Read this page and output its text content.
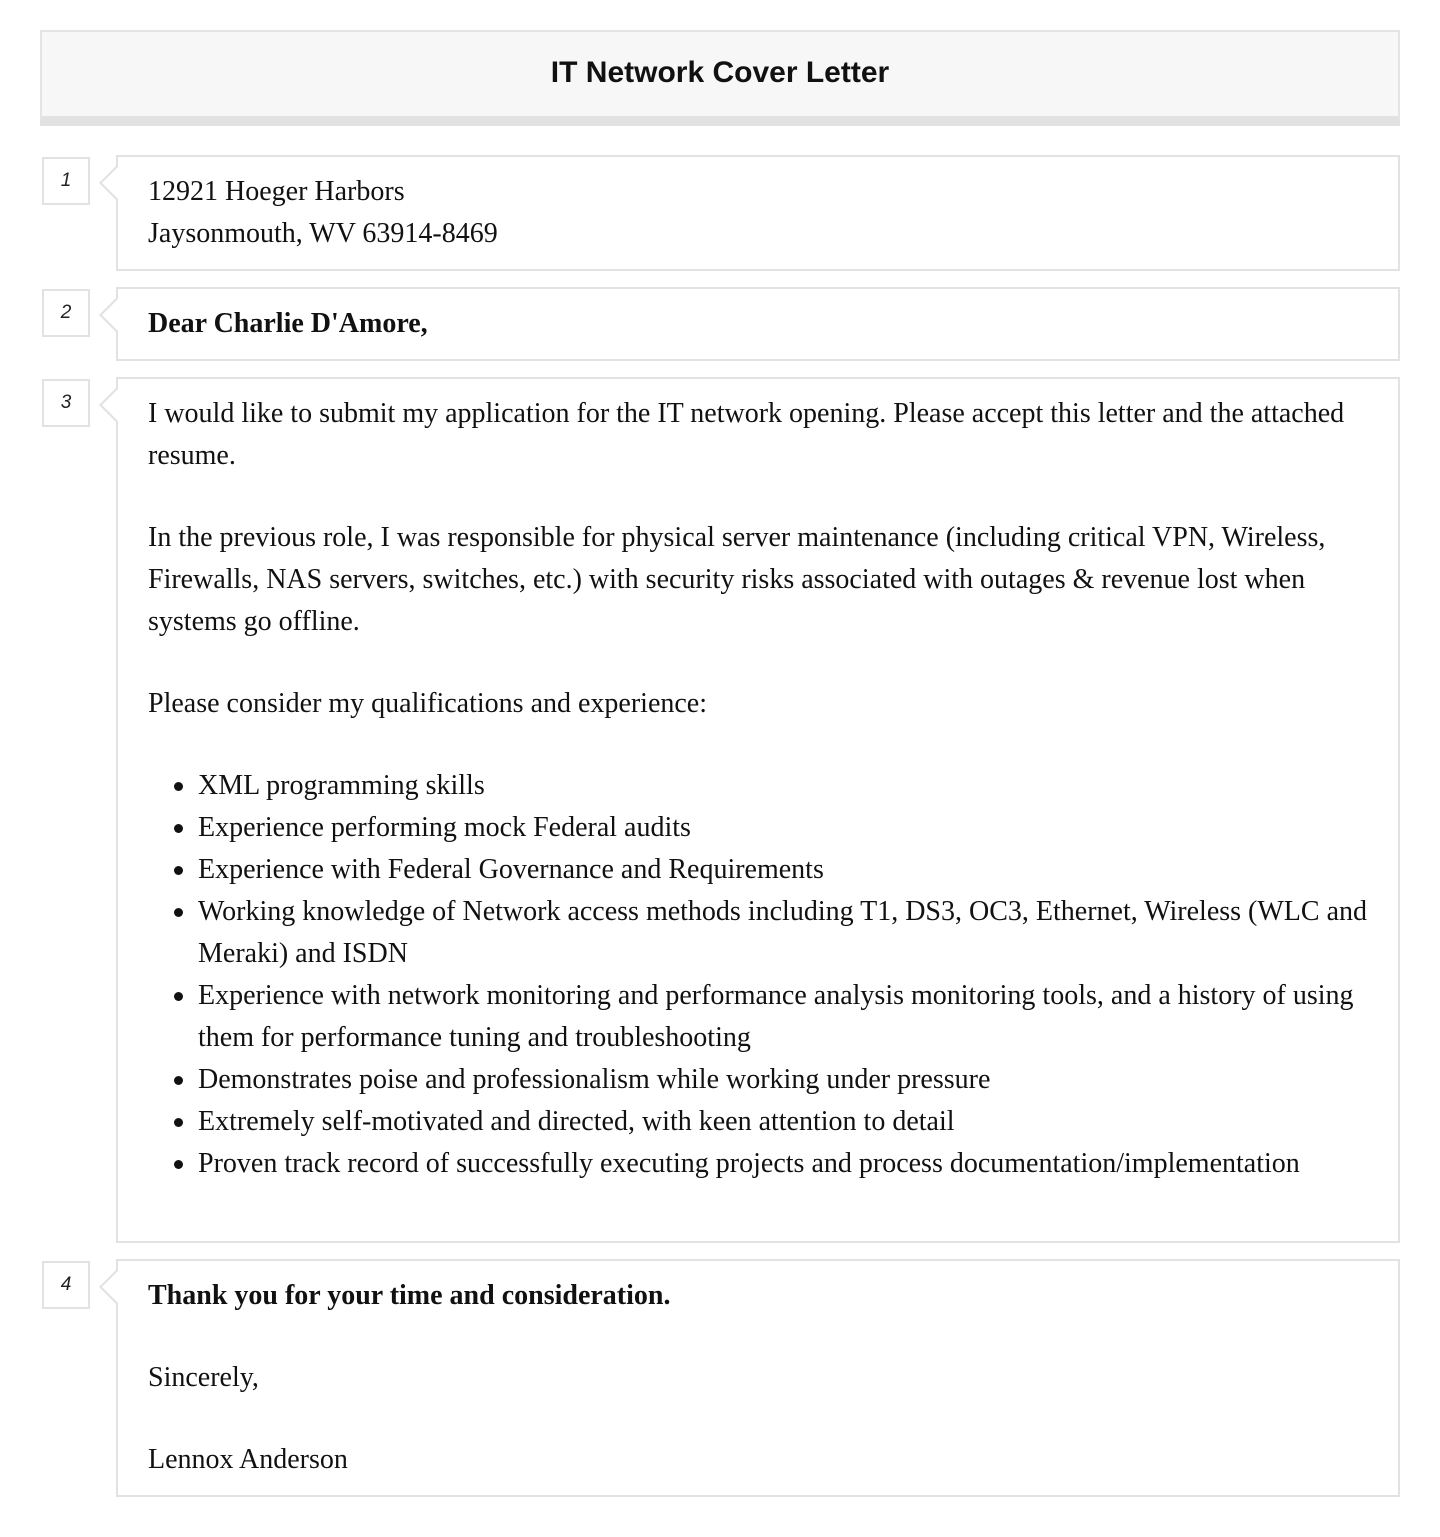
IT Network Cover Letter
1	12921 Hoeger Harbors

Jaysonmouth, WV 63914-8469

2	Dear Charlie D'Amore,

3	I would like to submit my application for the IT network opening. Please accept this letter and the attached resume.

In the previous role, I was responsible for physical server maintenance (including critical VPN, Wireless, Firewalls, NAS servers, switches, etc.) with security risks associated with outages & revenue lost when systems go offline.

Please consider my qualifications and experience:

XML programming skills
Experience performing mock Federal audits
Experience with Federal Governance and Requirements
Working knowledge of Network access methods including T1, DS3, OC3, Ethernet, Wireless (WLC and Meraki) and ISDN
Experience with network monitoring and performance analysis monitoring tools, and a history of using them for performance tuning and troubleshooting
Demonstrates poise and professionalism while working under pressure
Extremely self-motivated and directed, with keen attention to detail
Proven track record of successfully executing projects and process documentation/implementation
4	Thank you for your time and consideration.

Sincerely,

Lennox Anderson
